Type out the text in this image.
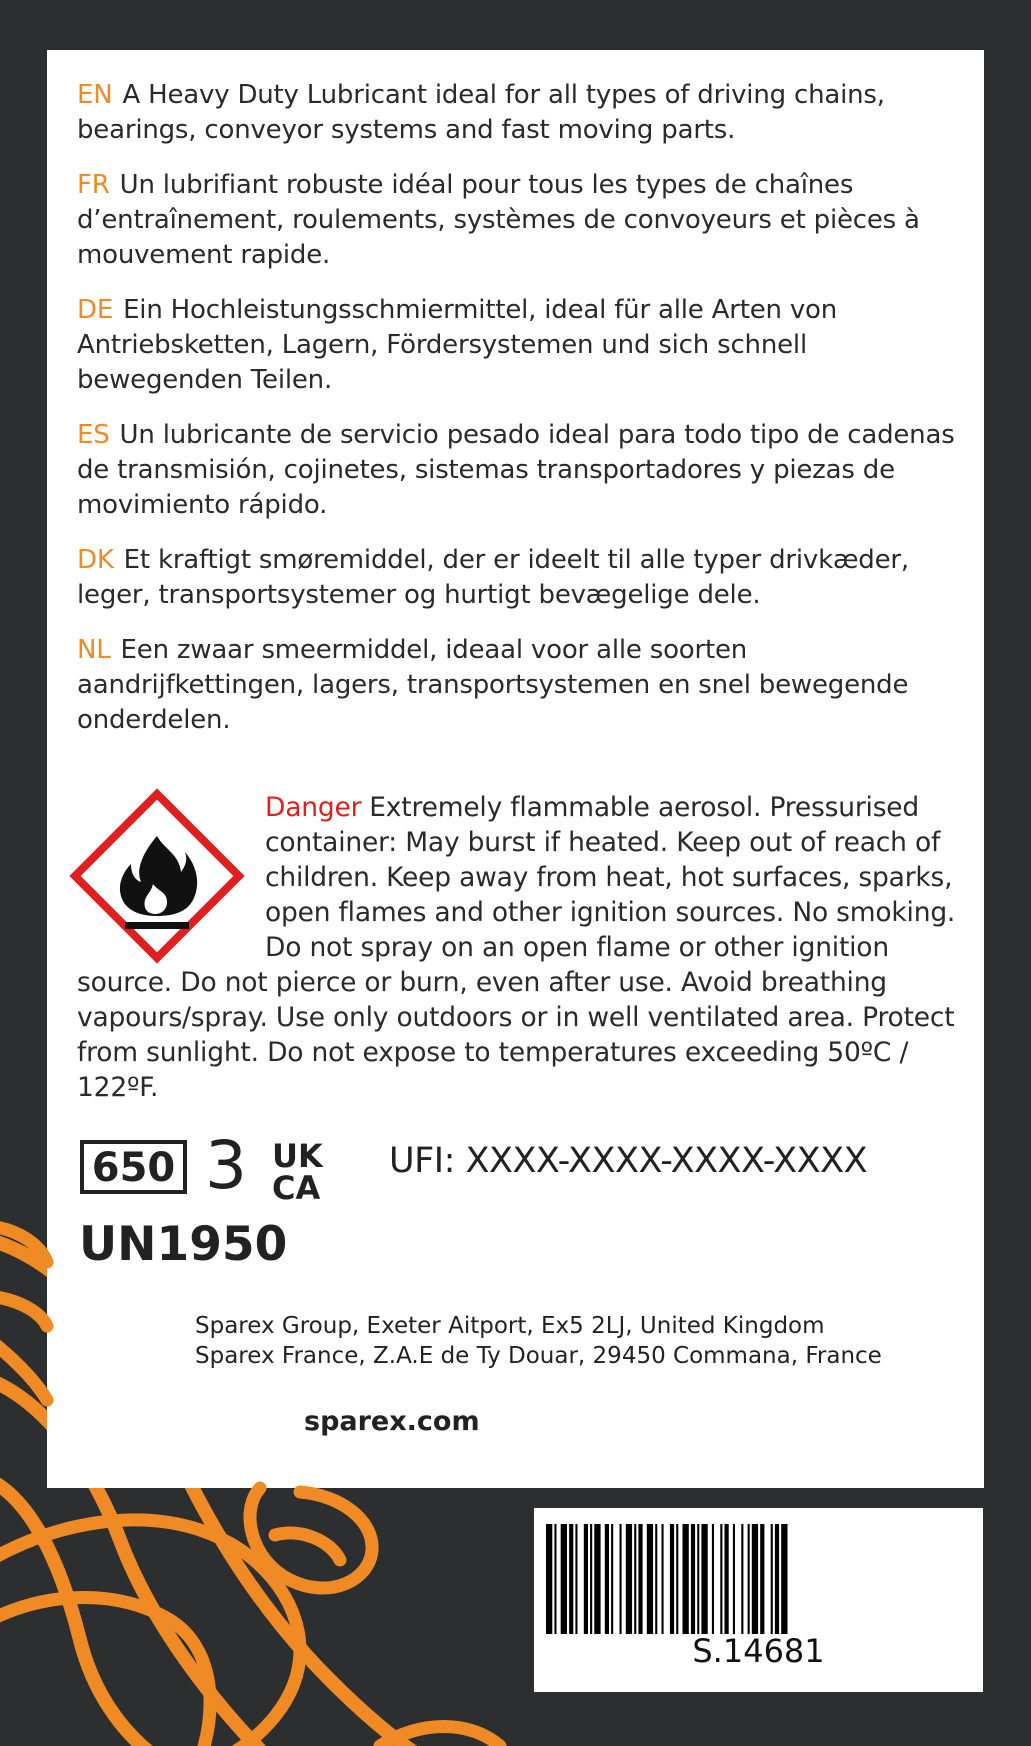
EN A Heavy Duty Lubricant ideal for all types of driving chains, bearings, conveyor systems and fast moving parts.

FR Un lubrifiant robuste idéal pour tous les types de chaînes d’entraînement, roulements, systèmes de convoyeurs et pièces à mouvement rapide.

DE Ein Hochleistungsschmiermittel, ideal für alle Arten von Antriebsketten, Lagern, Fördersystemen und sich schnell bewegenden Teilen.

ES Un lubricante de servicio pesado ideal para todo tipo de cadenas de transmisión, cojinetes, sistemas transportadores y piezas de movimiento rápido.

DK Et kraftigt smøremiddel, der er ideelt til alle typer drivkæder, leger, transportsystemer og hurtigt bevægelige dele.

NL Een zwaar smeermiddel, ideaal voor alle soorten aandrijfkettingen, lagers, transportsystemen en snel bewegende onderdelen.

Danger Extremely flammable aerosol. Pressurised container: May burst if heated. Keep out of reach of children. Keep away from heat, hot surfaces, sparks, open flames and other ignition sources. No smoking. Do not spray on an open flame or other ignition source. Do not pierce or burn, even after use. Avoid breathing vapours/spray. Use only outdoors or in well ventilated area. Protect from sunlight. Do not expose to temperatures exceeding 50ºC / 122ºF.

650 3 UK
CA
UFI: XXXX-XXXX-XXXX-XXXX
UN1950
Sparex Group, Exeter Aitport, Ex5 2LJ, United Kingdom
Sparex France, Z.A.E de Ty Douar, 29450 Commana, France
sparex.com
S.14681
